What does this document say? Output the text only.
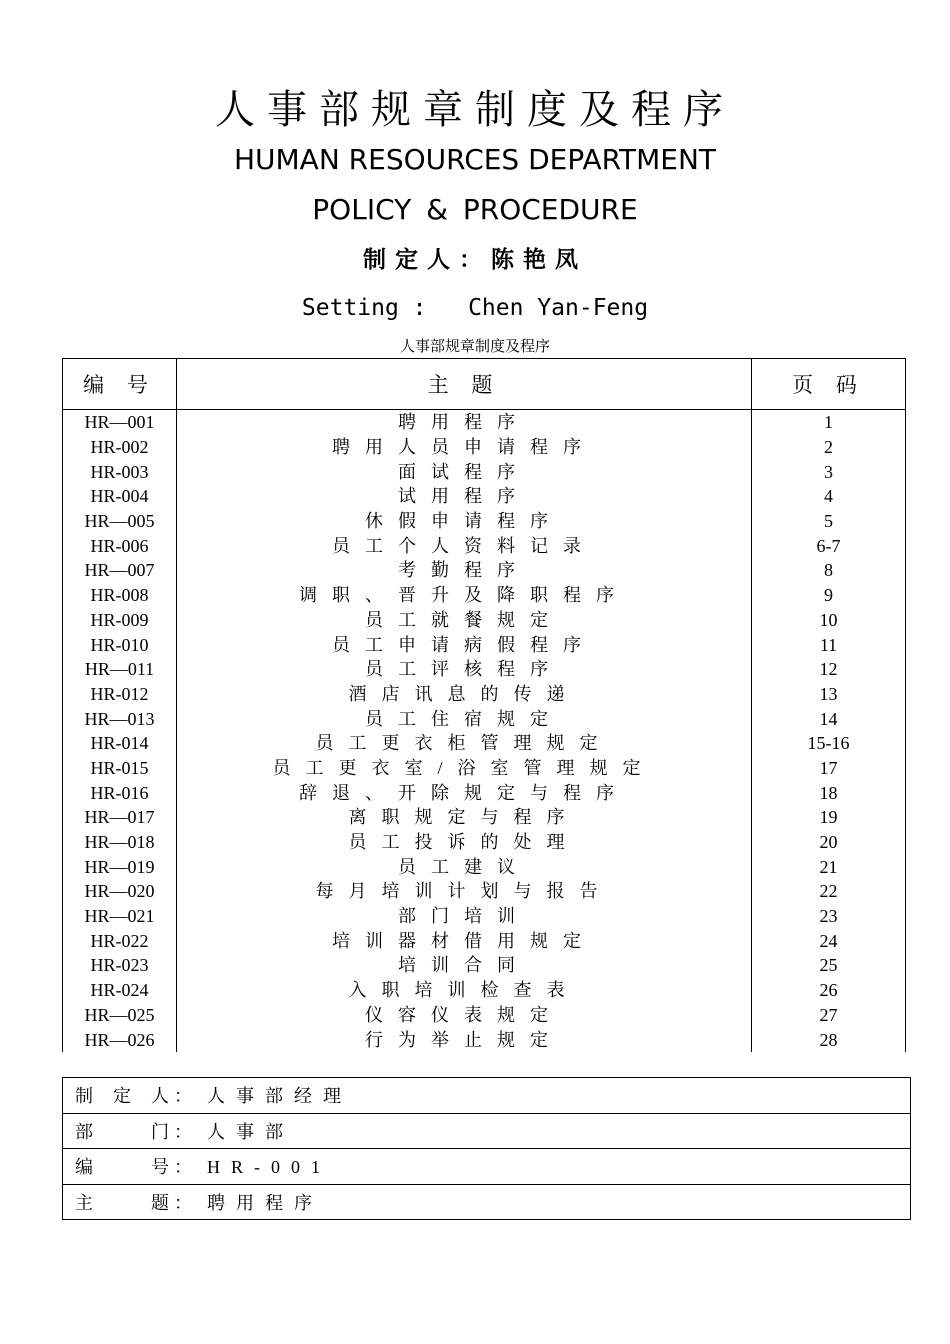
人事部规章制度及程序
HUMAN RESOURCES DEPARTMENT
POLICY & PROCEDURE
制定人：陈艳凤
Setting :   Chen Yan-Feng
人事部规章制度及程序
编 号	主 题	页 码
HR—001	聘用程序	1
HR-002	聘用人员申请程序	2
HR-003	面试程序	3
HR-004	试用程序	4
HR—005	休假申请程序	5
HR-006	员工个人资料记录	6-7
HR—007	考勤程序	8
HR-008	调职、晋升及降职程序	9
HR-009	员工就餐规定	10
HR-010	员工申请病假程序	11
HR—011	员工评核程序	12
HR-012	酒店讯息的传递	13
HR—013	员工住宿规定	14
HR-014	员工更衣柜管理规定	15-16
HR-015	员工更衣室/浴室管理规定	17
HR-016	辞退、开除规定与程序	18
HR—017	离职规定与程序	19
HR—018	员工投诉的处理	20
HR—019	员工建议	21
HR—020	每月培训计划与报告	22
HR—021	部门培训	23
HR-022	培训器材借用规定	24
HR-023	培训合同	25
HR-024	入职培训检查表	26
HR—025	仪容仪表规定	27
HR—026	行为举止规定	28
制定人： 人事部经理
部门： 人事部
编号： HR-001
主题： 聘用程序
